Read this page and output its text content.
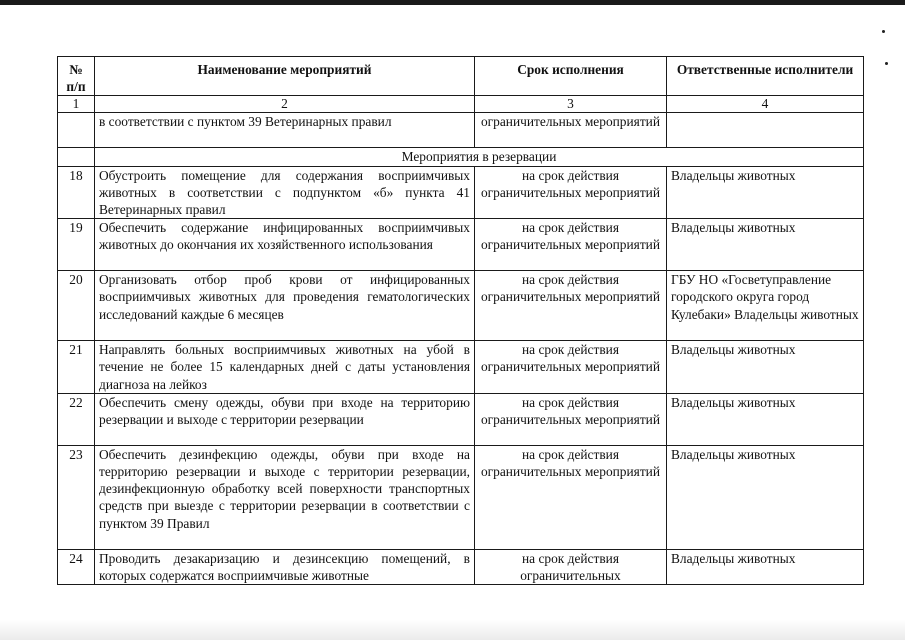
№ п/п	Наименование мероприятий	Срок исполнения	Ответственные исполнители
1	2	3	4
	в соответствии с пунктом 39 Ветеринарных правил	ограничительных мероприятий	
	Мероприятия в резервации		
18	Обустроить помещение для содержания восприимчивых животных в соответствии с подпунктом «б» пункта 41 Ветеринарных правил	на срок действия ограничительных мероприятий	Владельцы животных
19	Обеспечить содержание инфицированных восприимчивых животных до окончания их хозяйственного использования	на срок действия ограничительных мероприятий	Владельцы животных
20	Организовать отбор проб крови от инфицированных восприимчивых животных для проведения гематологических исследований каждые 6 месяцев	на срок действия ограничительных мероприятий	ГБУ НО «Госветуправление городского округа город Кулебаки» Владельцы животных
21	Направлять больных восприимчивых животных на убой в течение не более 15 календарных дней с даты установления диагноза на лейкоз	на срок действия ограничительных мероприятий	Владельцы животных
22	Обеспечить смену одежды, обуви при входе на территорию резервации и выходе с территории резервации	на срок действия ограничительных мероприятий	Владельцы животных
23	Обеспечить дезинфекцию одежды, обуви при входе на территорию резервации и выходе с территории резервации, дезинфекционную обработку всей поверхности транспортных средств при выезде с территории резервации в соответствии с пунктом 39 Правил	на срок действия ограничительных мероприятий	Владельцы животных
24	Проводить дезакаризацию и дезинсекцию помещений, в которых содержатся восприимчивые животные	на срок действия ограничительных	Владельцы животных
